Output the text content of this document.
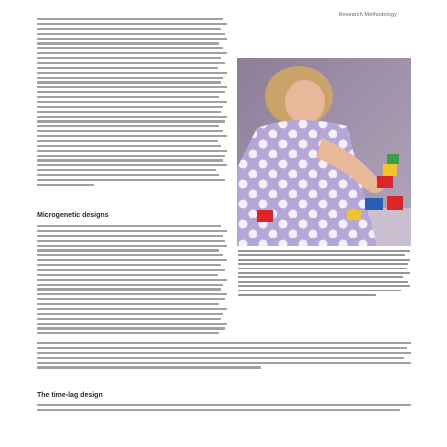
Research Methodology
Microgenetic designs
The time-lag design
